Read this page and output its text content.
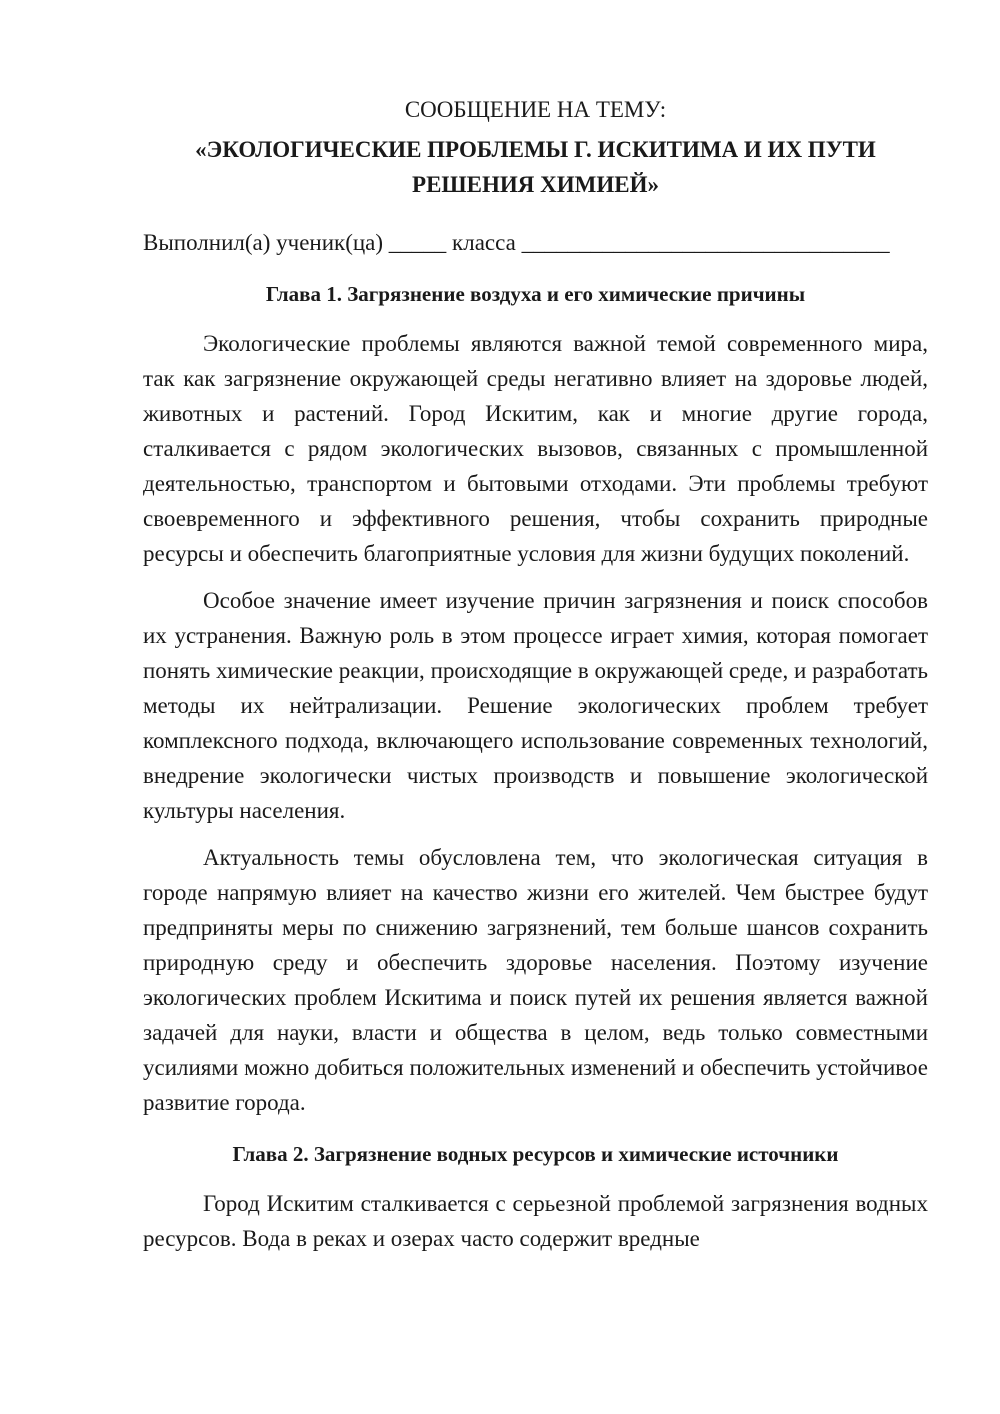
СООБЩЕНИЕ НА ТЕМУ:

«ЭКОЛОГИЧЕСКИЕ ПРОБЛЕМЫ Г. ИСКИТИМА И ИХ ПУТИ РЕШЕНИЯ ХИМИЕЙ»

Выполнил(а) ученик(ца) _____ класса ________________________________

Глава 1. Загрязнение воздуха и его химические причины

Экологические проблемы являются важной темой современного мира, так как загрязнение окружающей среды негативно влияет на здоровье людей, животных и растений. Город Искитим, как и многие другие города, сталкивается с рядом экологических вызовов, связанных с промышленной деятельностью, транспортом и бытовыми отходами. Эти проблемы требуют своевременного и эффективного решения, чтобы сохранить природные ресурсы и обеспечить благоприятные условия для жизни будущих поколений.

Особое значение имеет изучение причин загрязнения и поиск способов их устранения. Важную роль в этом процессе играет химия, которая помогает понять химические реакции, происходящие в окружающей среде, и разработать методы их нейтрализации. Решение экологических проблем требует комплексного подхода, включающего использование современных технологий, внедрение экологически чистых производств и повышение экологической культуры населения.

Актуальность темы обусловлена тем, что экологическая ситуация в городе напрямую влияет на качество жизни его жителей. Чем быстрее будут предприняты меры по снижению загрязнений, тем больше шансов сохранить природную среду и обеспечить здоровье населения. Поэтому изучение экологических проблем Искитима и поиск путей их решения является важной задачей для науки, власти и общества в целом, ведь только совместными усилиями можно добиться положительных изменений и обеспечить устойчивое развитие города.

Глава 2. Загрязнение водных ресурсов и химические источники

Город Искитим сталкивается с серьезной проблемой загрязнения водных ресурсов. Вода в реках и озерах часто содержит вредные
